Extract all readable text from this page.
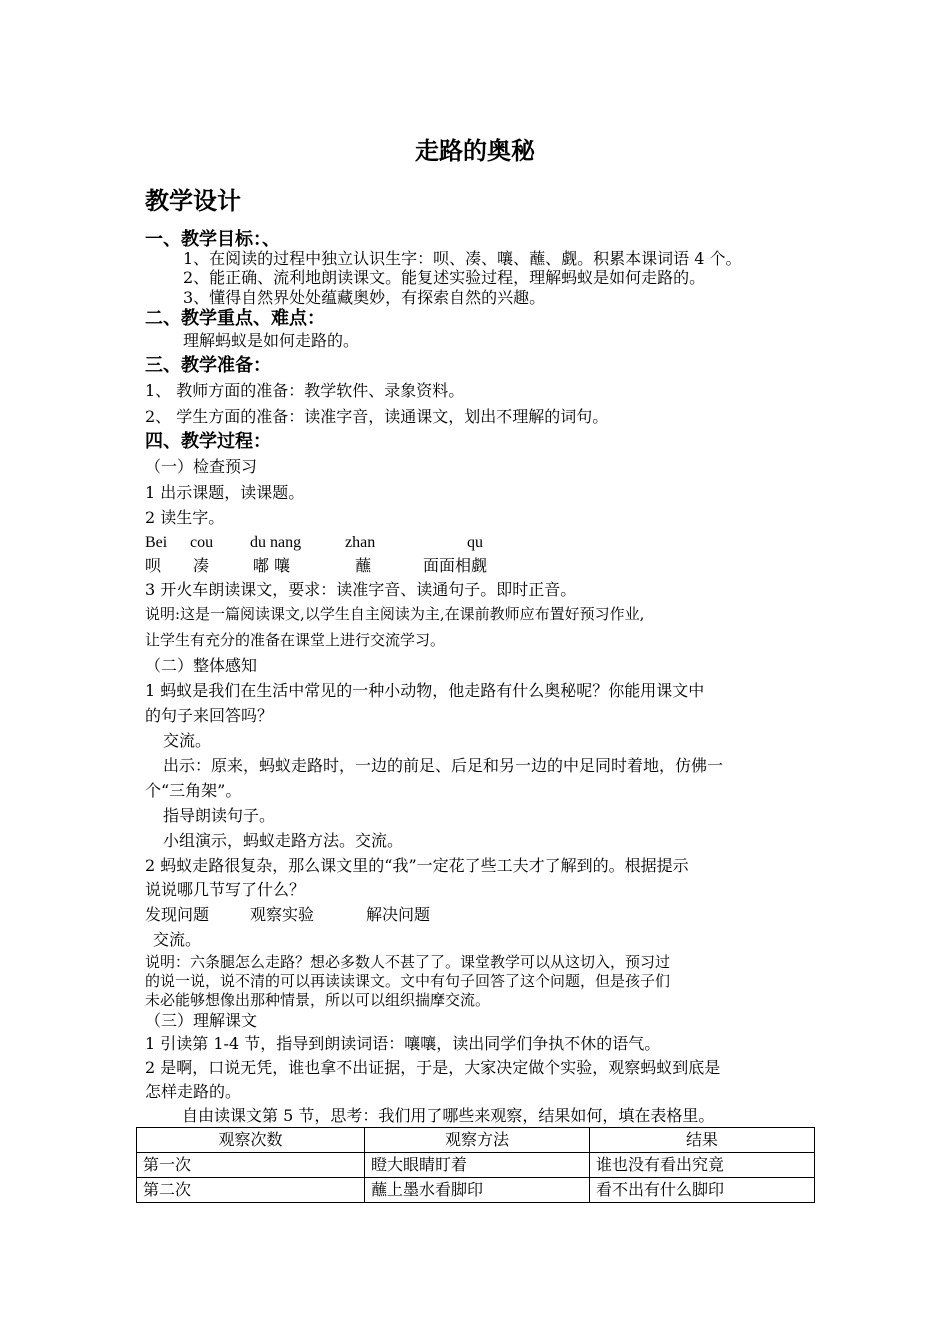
走路的奥秘
教学设计
一、教学目标：、
1、在阅读的过程中独立认识生字：呗、凑、嚷、蘸、觑。积累本课词语 4 个。
2、能正确、流利地朗读课文。能复述实验过程，理解蚂蚁是如何走路的。
3、懂得自然界处处蕴藏奥妙，有探索自然的兴趣。
二、教学重点、难点：
理解蚂蚁是如何走路的。
三、教学准备：
1、 教师方面的准备：教学软件、录象资料。
2、 学生方面的准备：读准字音，读通课文，划出不理解的词句。
四、教学过程：
（一）检查预习
1 出示课题，读课题。
2 读生字。
Bei cou du nang	zhan	qu
呗 凑	嘟 嚷	蘸	面面相觑
3 开火车朗读课文，要求：读准字音、读通句子。即时正音。
说明:这是一篇阅读课文,以学生自主阅读为主,在课前教师应布置好预习作业,
让学生有充分的准备在课堂上进行交流学习。
（二）整体感知
1 蚂蚁是我们在生活中常见的一种小动物，他走路有什么奥秘呢？你能用课文中
的句子来回答吗？
交流。
出示：原来，蚂蚁走路时，一边的前足、后足和另一边的中足同时着地，仿佛一
个“三角架”。
指导朗读句子。
小组演示，蚂蚁走路方法。交流。
2 蚂蚁走路很复杂，那么课文里的“我”一定花了些工夫才了解到的。根据提示
说说哪几节写了什么？
发现问题	观察实验	解决问题
交流。
说明：六条腿怎么走路？想必多数人不甚了了。课堂教学可以从这切入，预习过
的说一说，说不清的可以再读读课文。文中有句子回答了这个问题，但是孩子们
未必能够想像出那种情景，所以可以组织揣摩交流。
（三）理解课文
1 引读第 1-4 节，指导到朗读词语：嚷嚷，读出同学们争执不休的语气。
2 是啊，口说无凭，谁也拿不出证据，于是，大家决定做个实验，观察蚂蚁到底是
怎样走路的。
自由读课文第 5 节，思考：我们用了哪些来观察，结果如何，填在表格里。
观察次数	观察方法	结果
第一次	瞪大眼睛盯着	谁也没有看出究竟
第二次	蘸上墨水看脚印	看不出有什么脚印
